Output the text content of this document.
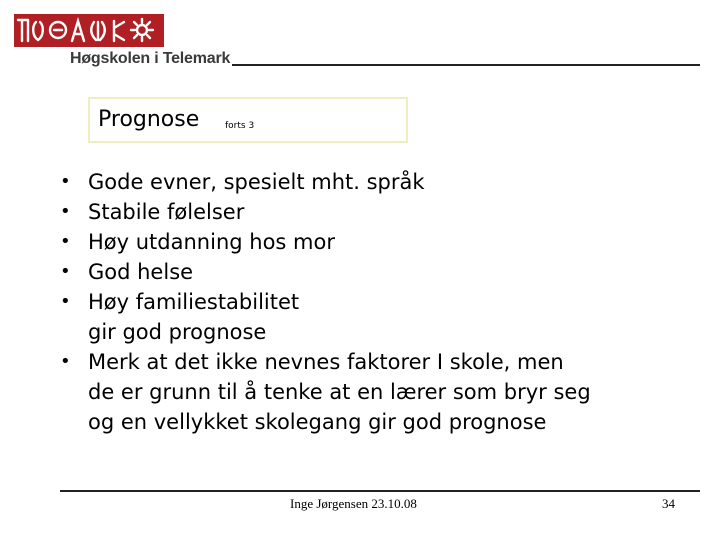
Høgskolen i Telemark
Prognose	forts 3
• Gode evner, spesielt mht. språk
• Stabile følelser
• Høy utdanning hos mor
• God helse
• Høy familiestabilitet
gir god prognose
• Merk at det ikke nevnes faktorer I skole, men
de er grunn til å tenke at en lærer som bryr seg
og en vellykket skolegang gir god prognose
Inge Jørgensen 23.10.08	34
